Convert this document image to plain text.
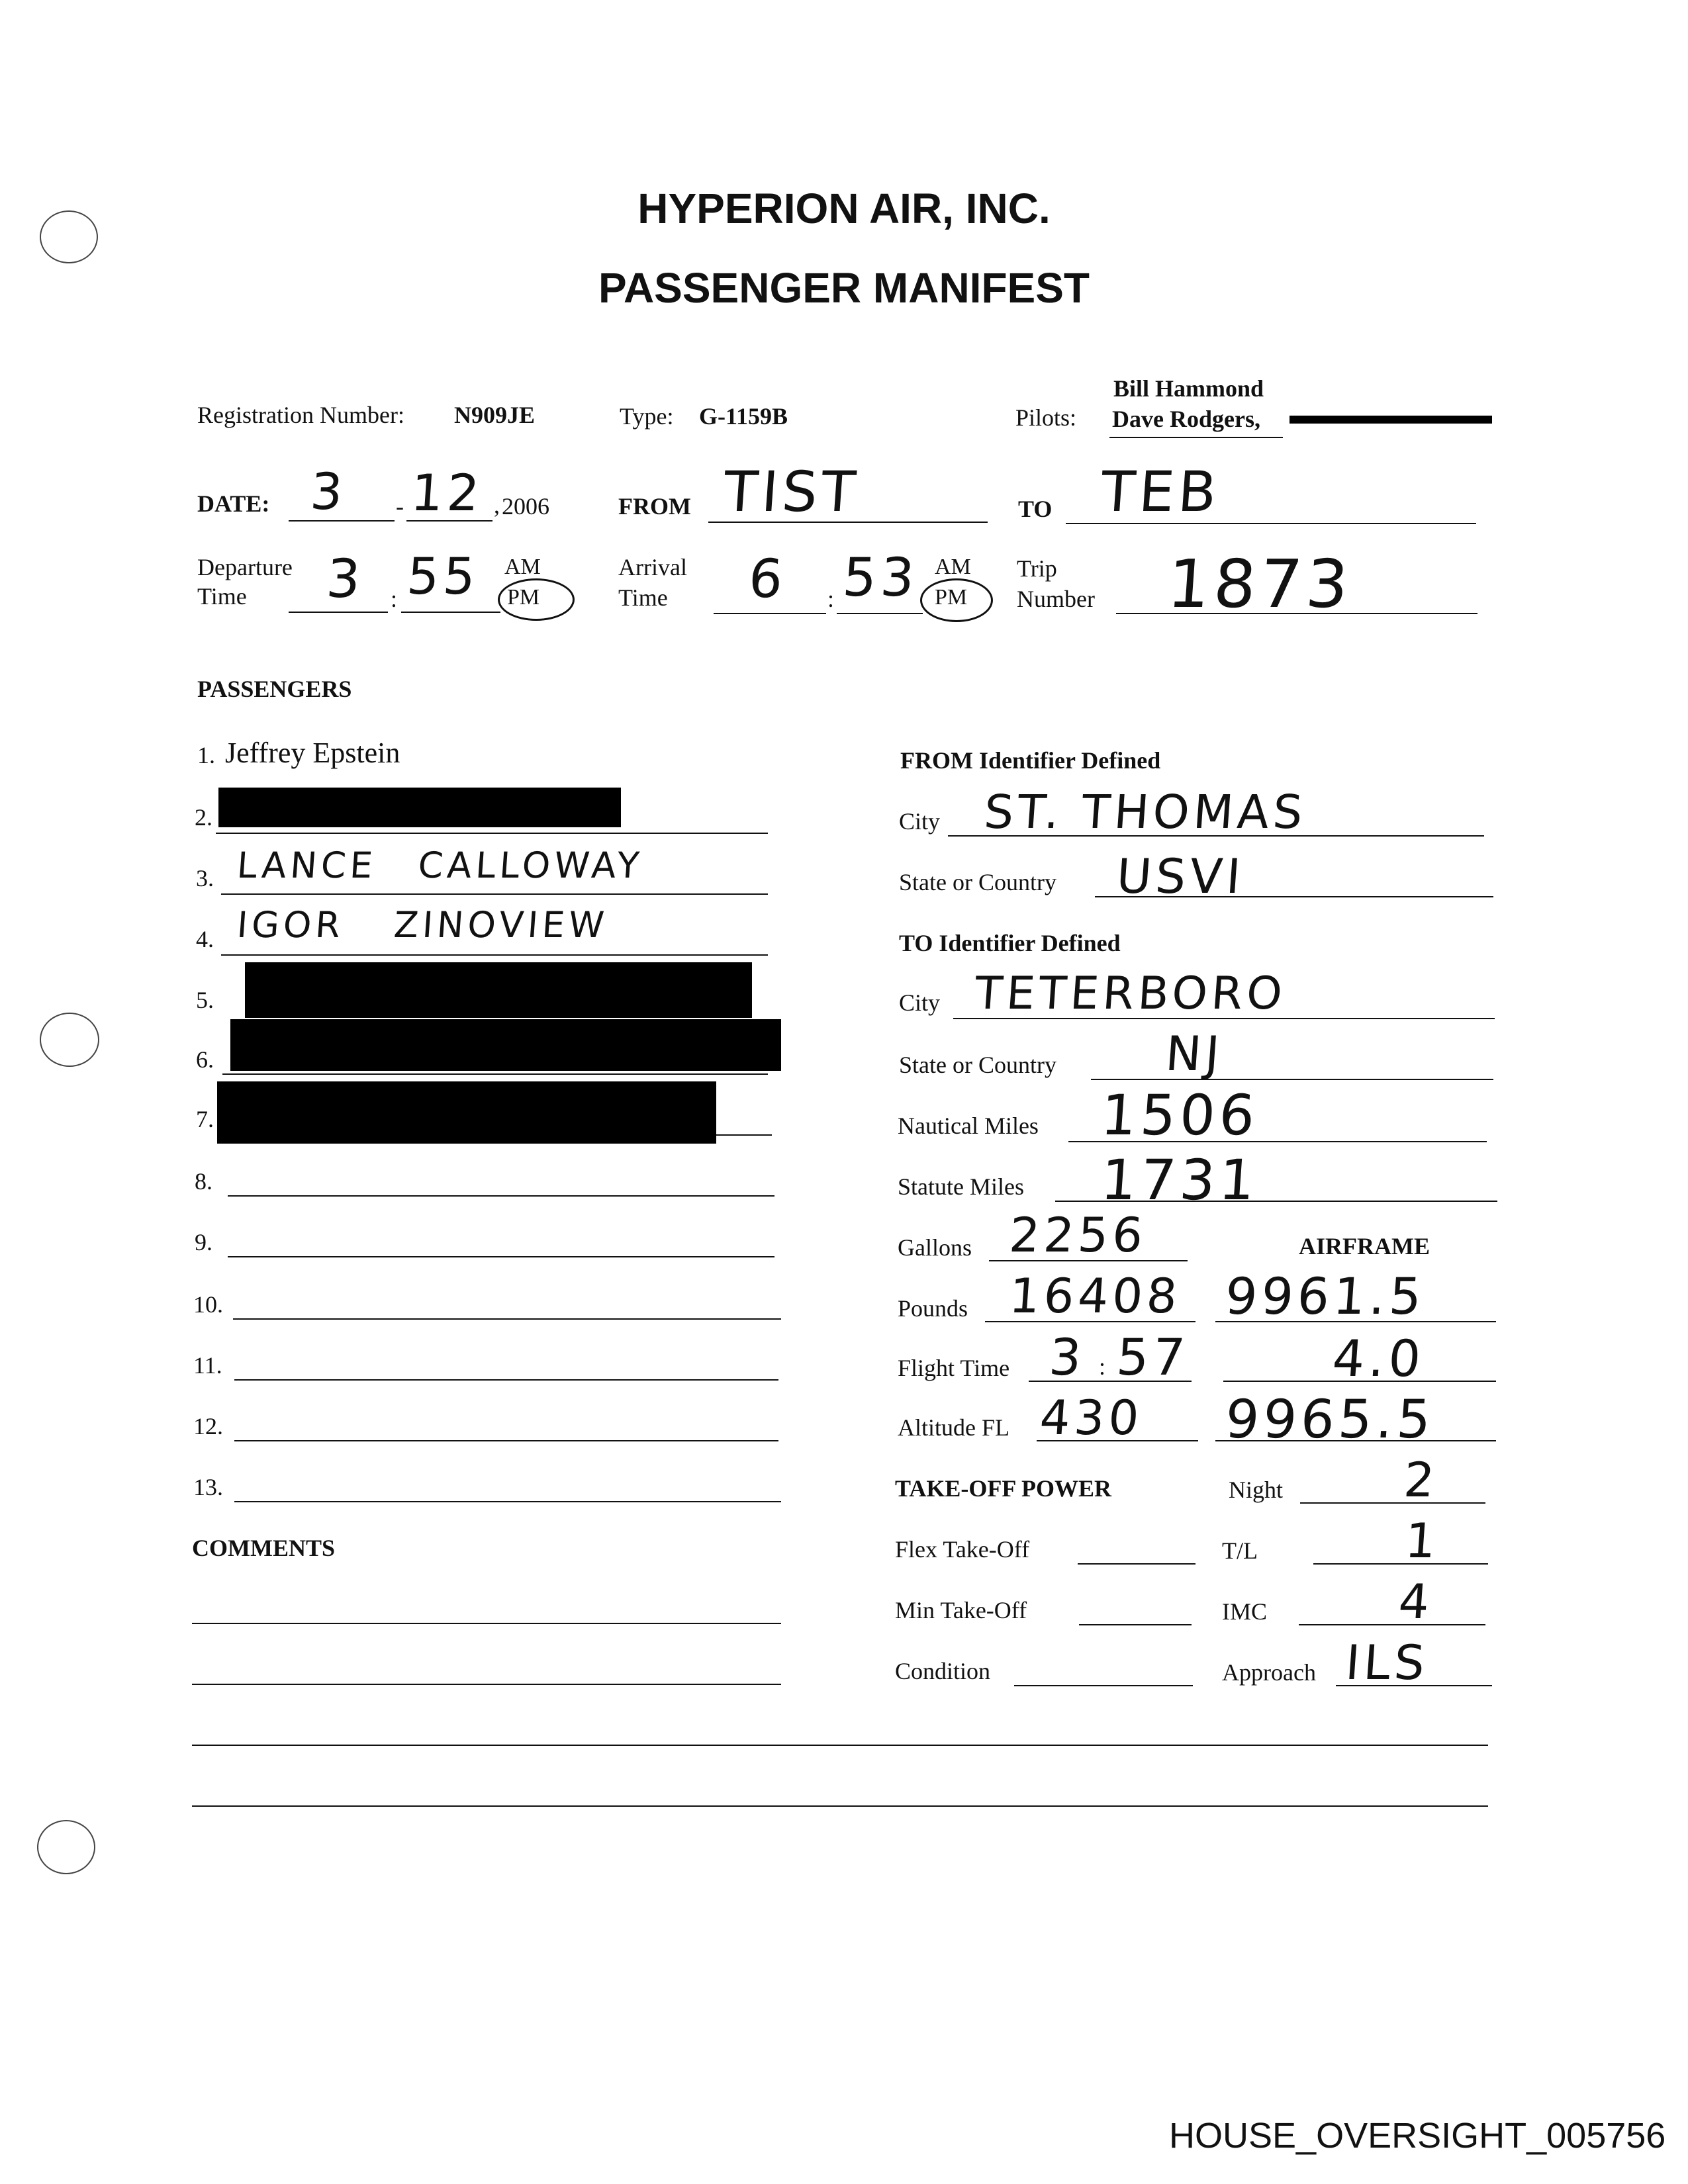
HYPERION AIR, INC.
PASSENGER MANIFEST
Registration Number: N909JE	Type: G-1159B	Pilots:
Bill Hammond
Dave Rodgers,
DATE: 3 - 12 , 2006	FROM TIST	TO TEB
Departure
Time 3 : 55 AM
PM
Arrival
Time 6 : 53 AM
PM
Trip
Number 1873
PASSENGERS
1. Jeffrey Epstein
2.
3. LANCE CALLOWAY
4. IGOR ZINOVIEW
5.
6.
7.
8.
9.
10.
11.
12.
13.
COMMENTS
FROM Identifier Defined
City ST. THOMAS
State or Country USVI
TO Identifier Defined
City TETERBORO
State or Country NJ
Nautical Miles 1506
Statute Miles 1731
Gallons 2256	AIRFRAME
Pounds 16408 9961.5
Flight Time 3 : 57	4.0
Altitude FL 430 9965.5
TAKE-OFF POWER	Night 2
Flex Take-Off	T/L	1
Min Take-Off	IMC	4
Condition	Approach ILS
HOUSE_OVERSIGHT_005756
